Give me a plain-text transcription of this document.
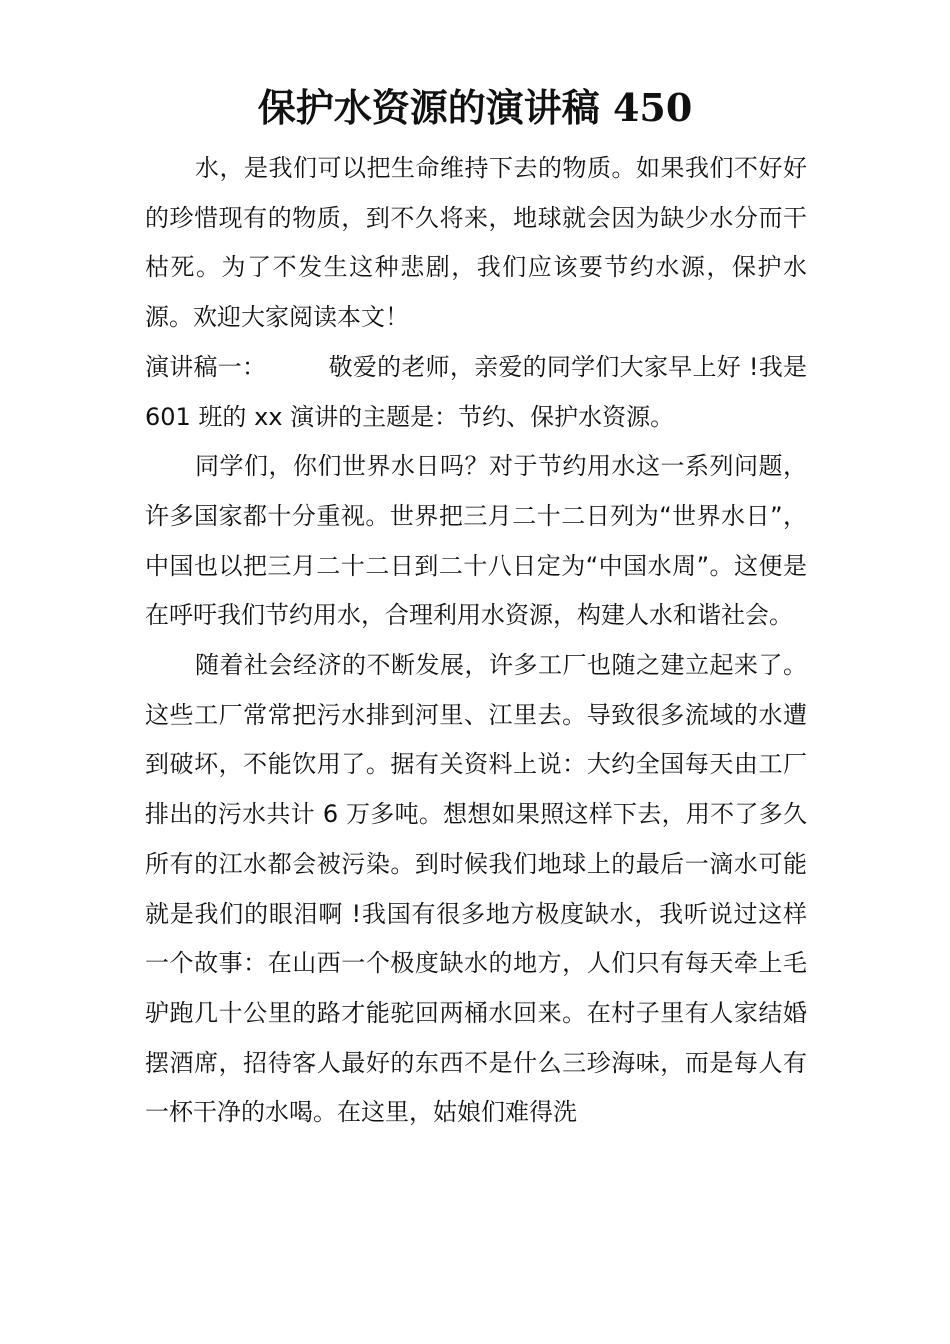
保护水资源的演讲稿 450

水，是我们可以把生命维持下去的物质。如果我们不好好的珍惜现有的物质，到不久将来，地球就会因为缺少水分而干枯死。为了不发生这种悲剧，我们应该要节约水源，保护水源。欢迎大家阅读本文！

演讲稿一：	敬爱的老师，亲爱的同学们大家早上好 !我是 601 班的 xx 演讲的主题是：节约、保护水资源。

同学们，你们世界水日吗？对于节约用水这一系列问题，许多国家都十分重视。世界把三月二十二日列为“世界水日”，中国也以把三月二十二日到二十八日定为“中国水周”。这便是在呼吁我们节约用水，合理利用水资源，构建人水和谐社会。

随着社会经济的不断发展，许多工厂也随之建立起来了。这些工厂常常把污水排到河里、江里去。导致很多流域的水遭到破坏，不能饮用了。据有关资料上说：大约全国每天由工厂排出的污水共计 6 万多吨。想想如果照这样下去，用不了多久所有的江水都会被污染。到时候我们地球上的最后一滴水可能就是我们的眼泪啊 !我国有很多地方极度缺水，我听说过这样一个故事：在山西一个极度缺水的地方，人们只有每天牵上毛驴跑几十公里的路才能驼回两桶水回来。在村子里有人家结婚摆酒席，招待客人最好的东西不是什么三珍海味，而是每人有一杯干净的水喝。在这里，姑娘们难得洗
